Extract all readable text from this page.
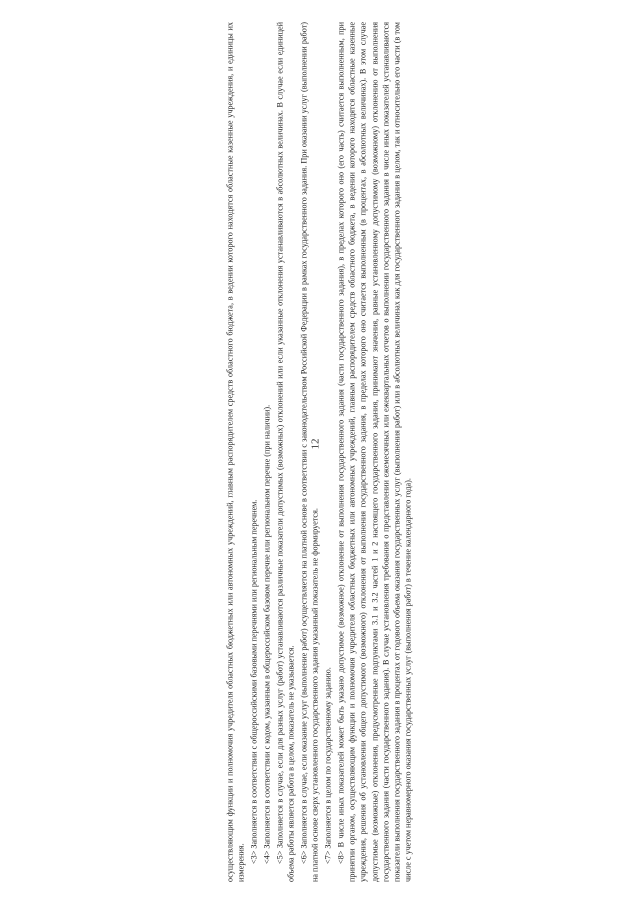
12

осуществляющим функции и полномочия учредителя областных бюджетных или автономных учреждений, главным распорядителем средств областного бюджета, в ведении которого находятся областные казенные учреждения, и единицы их измерения. <3> Заполняется в соответствии с общероссийскими базовыми перечнями или региональным перечнем. <4> Заполняется в соответствии с кодом, указанным в общероссийском базовом перечне или региональном перечне (при наличии). <5> Заполняется в случае, если для разных услуг (работ) устанавливаются различные показатели допустимых (возможных) отклонений или если указанные отклонения устанавливаются в абсолютных величинах. В случае если единицей объема работы является работа в целом, показатель не указывается. <6> Заполняется в случае, если оказание услуг (выполнение работ) осуществляется на платной основе в соответствии с законодательством Российской Федерации в рамках государственного задания. При оказании услуг (выполнении работ) на платной основе сверх установленного государственного задания указанный показатель не формируется. <7> Заполняется в целом по государственному заданию. <8> В числе иных показателей может быть указано допустимое (возможное) отклонение от выполнения государственного задания (части государственного задания), в пределах которого оно (его часть) считается выполненным, при принятии органом, осуществляющим функции и полномочия учредителя областных бюджетных или автономных учреждений, главным распорядителем средств областного бюджета, в ведении которого находятся областные казенные учреждения, решения об установлении общего допустимого (возможного) отклонения от выполнения государственного задания, в пределах которого оно считается выполненным (в процентах, в абсолютных величинах). В этом случае допустимые (возможные) отклонения, предусмотренные подпунктами 3.1 и 3.2 частей 1 и 2 настоящего государственного задания, принимают значения, равные установленному допустимому (возможному) отклонению от выполнения государственного задания (части государственного задания). В случае установления требования о представлении ежемесячных или ежеквартальных отчетов о выполнении государственного задания в числе иных показателей устанавливаются показатели выполнения государственного задания в процентах от годового объема оказания государственных услуг (выполнения работ) или в абсолютных величинах как для государственного задания в целом, так и относительно его части (в том числе с учетом неравномерного оказания государственных услуг (выполнения работ) в течение календарного года).
